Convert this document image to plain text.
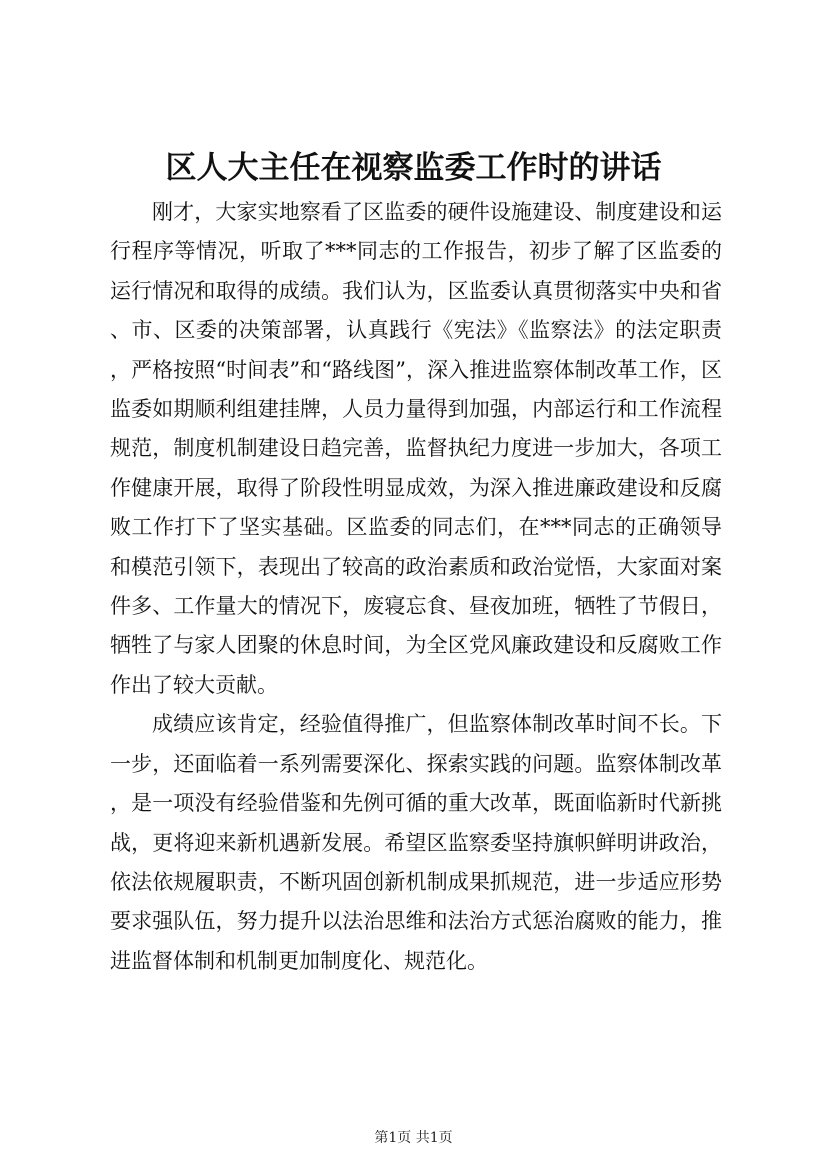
区人大主任在视察监委工作时的讲话

刚才，大家实地察看了区监委的硬件设施建设、制度建设和运行程序等情况，听取了***同志的工作报告，初步了解了区监委的运行情况和取得的成绩。我们认为，区监委认真贯彻落实中央和省、市、区委的决策部署，认真践行《宪法》《监察法》的法定职责，严格按照“时间表”和“路线图”，深入推进监察体制改革工作，区监委如期顺利组建挂牌，人员力量得到加强，内部运行和工作流程规范，制度机制建设日趋完善，监督执纪力度进一步加大，各项工作健康开展，取得了阶段性明显成效，为深入推进廉政建设和反腐败工作打下了坚实基础。区监委的同志们，在***同志的正确领导和模范引领下，表现出了较高的政治素质和政治觉悟，大家面对案件多、工作量大的情况下，废寝忘食、昼夜加班，牺牲了节假日，牺牲了与家人团聚的休息时间，为全区党风廉政建设和反腐败工作作出了较大贡献。

成绩应该肯定，经验值得推广，但监察体制改革时间不长。下一步，还面临着一系列需要深化、探索实践的问题。监察体制改革，是一项没有经验借鉴和先例可循的重大改革，既面临新时代新挑战，更将迎来新机遇新发展。希望区监察委坚持旗帜鲜明讲政治，依法依规履职责，不断巩固创新机制成果抓规范，进一步适应形势要求强队伍，努力提升以法治思维和法治方式惩治腐败的能力，推进监督体制和机制更加制度化、规范化。

第1页 共1页
